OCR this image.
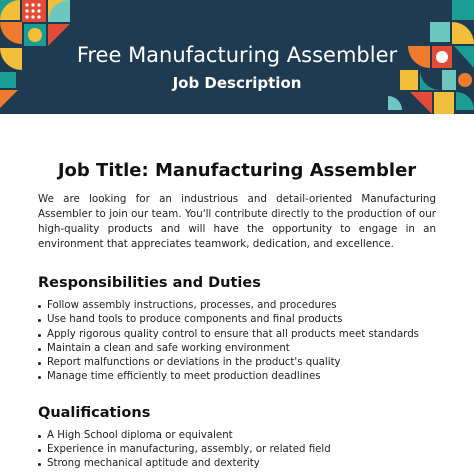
Free Manufacturing Assembler
Job Description
Job Title: Manufacturing Assembler

We are looking for an industrious and detail-oriented Manufacturing Assembler to join our team. You'll contribute directly to the production of our high-quality products and will have the opportunity to engage in an environment that appreciates teamwork, dedication, and excellence.

Responsibilities and Duties
Follow assembly instructions, processes, and procedures
Use hand tools to produce components and final products
Apply rigorous quality control to ensure that all products meet standards
Maintain a clean and safe working environment
Report malfunctions or deviations in the product's quality
Manage time efficiently to meet production deadlines
Qualifications
A High School diploma or equivalent
Experience in manufacturing, assembly, or related field
Strong mechanical aptitude and dexterity
